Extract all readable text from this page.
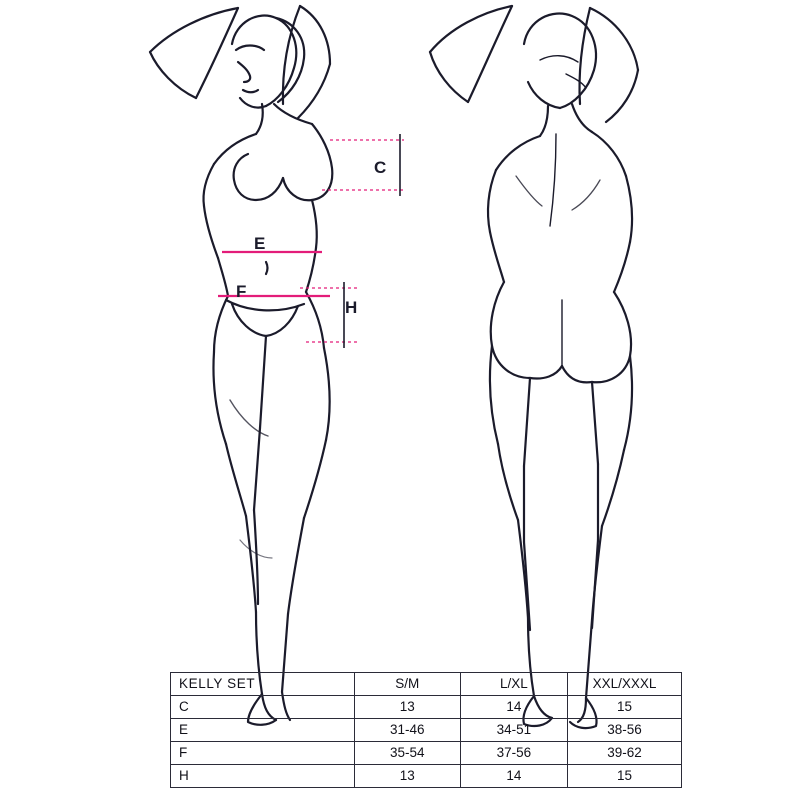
C
E
F
H
KELLY SET	S/M	L/XL	XXL/XXXL
C	13	14	15
E	31-46	34-51	38-56
F	35-54	37-56	39-62
H	13	14	15
